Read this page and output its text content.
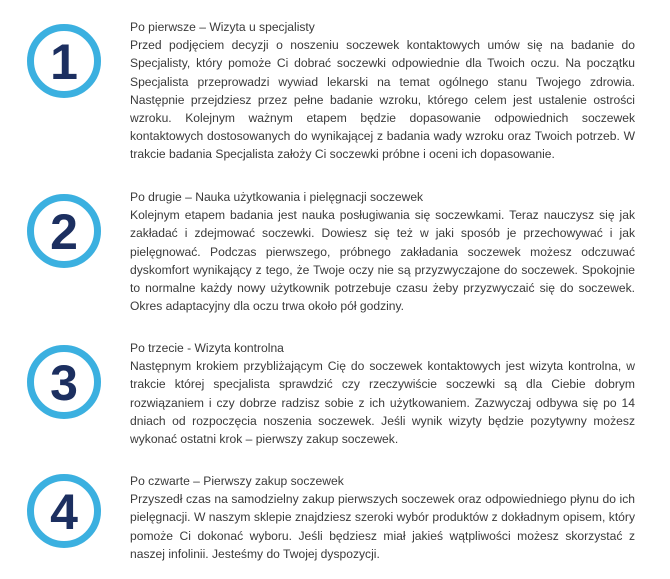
1
Po pierwsze – Wizyta u specjalisty
Przed podjęciem decyzji o noszeniu soczewek kontaktowych umów się na badanie do Specjalisty, który pomoże Ci dobrać soczewki odpowiednie dla Twoich oczu. Na początku Specjalista przeprowadzi wywiad lekarski na temat ogólnego stanu Twojego zdrowia. Następnie przejdziesz przez pełne badanie wzroku, którego celem jest ustalenie ostrości wzroku. Kolejnym ważnym etapem będzie dopasowanie odpowiednich soczewek kontaktowych dostosowanych do wynikającej z badania wady wzroku oraz Twoich potrzeb. W trakcie badania Specjalista założy Ci soczewki próbne i oceni ich dopasowanie.
2
Po drugie – Nauka użytkowania i pielęgnacji soczewek
Kolejnym etapem badania jest nauka posługiwania się soczewkami. Teraz nauczysz się jak zakładać i zdejmować soczewki. Dowiesz się też w jaki sposób je przechowywać i jak pielęgnować. Podczas pierwszego, próbnego zakładania soczewek możesz odczuwać dyskomfort wynikający z tego, że Twoje oczy nie są przyzwyczajone do soczewek. Spokojnie to normalne każdy nowy użytkownik potrzebuje czasu żeby przyzwyczaić się do soczewek. Okres adaptacyjny dla oczu trwa około pół godziny.
3
Po trzecie - Wizyta kontrolna
Następnym krokiem przybliżającym Cię do soczewek kontaktowych jest wizyta kontrolna, w trakcie której specjalista sprawdzić czy rzeczywiście soczewki są dla Ciebie dobrym rozwiązaniem i czy dobrze radzisz sobie z ich użytkowaniem. Zazwyczaj odbywa się po 14 dniach od rozpoczęcia noszenia soczewek. Jeśli wynik wizyty będzie pozytywny możesz wykonać ostatni krok – pierwszy zakup soczewek.
4
Po czwarte – Pierwszy zakup soczewek
Przyszedł czas na samodzielny zakup pierwszych soczewek oraz odpowiedniego płynu do ich pielęgnacji. W naszym sklepie znajdziesz szeroki wybór produktów z dokładnym opisem, który pomoże Ci dokonać wyboru. Jeśli będziesz miał jakieś wątpliwości możesz skorzystać z naszej infolinii. Jesteśmy do Twojej dyspozycji.
